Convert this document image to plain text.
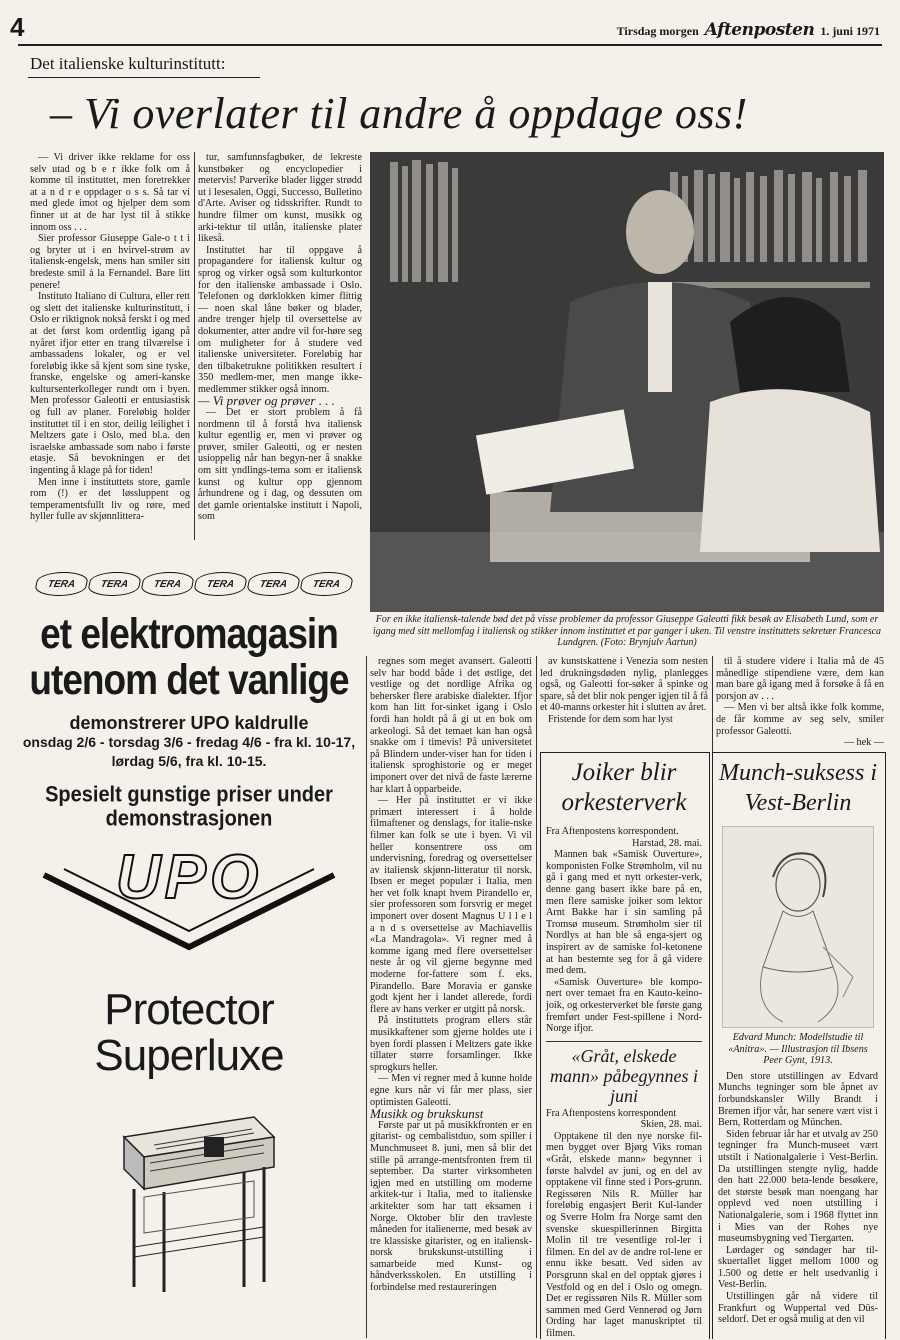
4	Tirsdag morgen Aftenposten 1. juni 1971
Det italienske kulturinstitutt:
– Vi overlater til andre å oppdage oss!

— Vi driver ikke reklame for oss selv utad og b e r ikke folk om å komme til instituttet, men foretrekker at a n d r e oppdager o s s. Så tar vi med glede imot og hjelper dem som finner ut at de har lyst til å stikke innom oss . . .

Sier professor Giuseppe Gale-o t t i og bryter ut i en hvirvel-strøm av italiensk-engelsk, mens han smiler sitt bredeste smil à la Fernandel. Bare litt penere!

Instituto Italiano di Cultura, eller rett og slett det italienske kulturinstitutt, i Oslo er riktignok nokså ferskt i og med at det først kom ordentlig igang på nyåret ifjor etter en trang tilværelse i ambassadens lokaler, og er vel foreløbig ikke så kjent som sine tyske, franske, engelske og ameri-kanske kultursenterkolleger rundt om i byen. Men professor Galeotti er entusiastisk og full av planer. Foreløbig holder instituttet til i en stor, deilig leilighet i Meltzers gate i Oslo, med bl.a. den israelske ambassade som nabo i første etasje. Så bevokningen er det ingenting å klage på for tiden!

Men inne i instituttets store, gamle rom (!) er det løssluppent og temperamentsfullt liv og røre, med hyller fulle av skjønnlittera-

tur, samfunnsfagbøker, de lekreste kunstbøker og encyclopedier i metervis! Parverike blader ligger strødd ut i lesesalen, Oggi, Successo, Bulletino d'Arte. Aviser og tidsskrifter. Rundt to hundre filmer om kunst, musikk og arki-tektur til utlån, italienske plater likeså.

Instituttet har til oppgave å propagandere for italiensk kultur og sprog og virker også som kulturkontor for den italienske ambassade i Oslo. Telefonen og dørklokken kimer flittig — noen skal låne bøker og blader, andre trenger hjelp til oversettelse av dokumenter, atter andre vil for-høre seg om muligheter for å studere ved italienske universiteter. Foreløbig har den tilbaketrukne politikken resultert i 350 medlem-mer, men mange ikke-medlemmer stikker også innom.

— Vi prøver og prøver . . .

— Det er stort problem å få nordmenn til å forstå hva italiensk kultur egentlig er, men vi prøver og prøver, smiler Galeotti, og er nesten usioppelig når han begyn-ner å snakke om sitt yndlings-tema som er italiensk kunst og kultur opp gjennom århundrene og i dag, og dessuten om det gamle orientalske institutt i Napoli, som

For en ikke italiensk-talende bød det på visse problemer da professor Giuseppe Galeotti fikk besøk av Elisabeth Lund, som er igang med sitt mellomfag i italiensk og stikker innom instituttet et par ganger i uken. Til venstre instituttets sekretær Francesca Lundgren. (Foto: Brynjulv Aartun)

regnes som meget avansert. Galeotti selv har bodd både i det østlige, det vestlige og det nordlige Afrika og behersker flere arabiske dialekter. Ifjor kom han litt for-sinket igang i Oslo fordi han holdt på å gi ut en bok om arkeologi. Så det temaet kan han også snakke om i timevis! På universitetet på Blindern under-viser han for tiden i italiensk sproghistorie og er meget imponert over det nivå de faste lærerne har klart å opparbeide.

— Her på instituttet er vi ikke primært interessert i å holde filmaftener og denslags, for italie-nske filmer kan folk se ute i byen. Vi vil heller konsentrere oss om undervisning, foredrag og oversettelser av italiensk skjønn-litteratur til norsk. Ibsen er meget populær i Italia, men her vet folk knapt hvem Pirandello er, sier professoren som forsvrig er meget imponert over dosent Magnus U l l e l a n d s oversettelse av Machiavellis «La Mandragola». Vi regner med å komme igang med flere oversettelser neste år og vil gjerne begynne med moderne for-fattere som f. eks. Pirandello. Bare Moravia er ganske godt kjent her i landet allerede, fordi flere av hans verker er utgitt på norsk.

På instituttets program ellers står musikkaftener som gjerne holdes ute i byen fordi plassen i Meltzers gate ikke tillater større forsamlinger. Ikke sprogkurs heller.

— Men vi regner med å kunne holde egne kurs når vi får mer plass, sier optimisten Galeotti.

Musikk og brukskunst

Første par ut på musikkfronten er en gitarist- og cembalistduo, som spiller i Munchmuseet 8. juni, men så blir det stille på arrange-mentsfronten frem til september. Da starter virksomheten igjen med en utstilling om moderne arkitek-tur i Italia, med to italienske arkitekter som har tatt eksamen i Norge. Oktober blir den travleste måneden for italienerne, med besøk av tre klassiske gitarister, og en italiensk-norsk brukskunst-utstilling i samarbeide med Kunst- og håndverksskolen. En utstilling i forbindelse med restaureringen

av kunstskattene i Venezia som nesten led drukningsdøden nylig, planlegges også, og Galeotti for-søker å spinke og spare, så det blir nok penger igjen til å få et 40-manns orkester hit i slutten av året.

Fristende for dem som har lyst

til å studere videre i Italia må de 45 månedlige stipendiene være, dem kan man bare gå igang med å forsøke å få en porsjon av . . .

— Men vi ber altså ikke folk komme, de får komme av seg selv, smiler professor Galeotti.

— hek —
Joiker blir orkesterverk

Fra Aftenpostens korrespondent.

Harstad, 28. mai.

Mannen bak «Samisk Ouverture», komponisten Folke Strømholm, vil nu gå i gang med et nytt orkester-verk, denne gang basert ikke bare på en, men flere samiske joiker som lektor Arnt Bakke har i sin samling på Tromsø museum. Strømholm sier til Nordlys at han ble så enga-sjert og inspirert av de samiske fol-ketonene at han bestemte seg for å gå videre med dem.

«Samisk Ouverture» ble kompo-nert over temaet fra en Kauto-keino-joik, og orkesterverket ble første gang fremført under Fest-spillene i Nord-Norge ifjor.

«Gråt, elskede mann» påbegynnes i juni

Fra Aftenpostens korrespondent

Skien, 28. mai.

Opptakene til den nye norske fil-men bygget over Bjørg Viks roman «Gråt, elskede mann» begynner i første halvdel av juni, og en del av opptakene vil finne sted i Pors-grunn. Regissøren Nils R. Müller har foreløbig engasjert Berit Kul-lander og Sverre Holm fra Norge samt den svenske skuespillerinnen Birgitta Molin til tre vesentlige rol-ler i filmen. En del av de andre rol-lene er ennu ikke besatt. Ved siden av Porsgrunn skal en del opptak gjøres i Vestfold og en del i Oslo og omegn. Det er regissøren Nils R. Müller som sammen med Gerd Vennerød og Jørn Ording har laget manuskriptet til filmen.

Munch-suksess i Vest-Berlin
Edvard Munch: Modellstudie til «Anitra». — Illustrasjon til Ibsens Peer Gynt, 1913.

Den store utstillingen av Edvard Munchs tegninger som ble åpnet av forbundskansler Willy Brandt i Bremen ifjor vår, har senere vært vist i Bern, Rotterdam og München.

Siden februar iår har et utvalg av 250 tegninger fra Munch-museet vært utstilt i Nationalgalerie i Vest-Berlin. Da utstillingen stengte nylig, hadde den hatt 22.000 beta-lende besøkere, det største besøk man noengang har opplevd ved noen utstilling i Nationalgalerie, som i 1968 flyttet inn i Mies van der Rohes nye museumsbygning ved Tiergarten.

Lørdager og søndager har til-skuertallet ligget mellom 1000 og 1.500 og dette er helt usedvanlig i Vest-Berlin.

Utstillingen går nå videre til Frankfurt og Wuppertal ved Düs-seldorf. Det er også mulig at den vil

TERA	TERA	TERA	TERA	TERA	TERA
et elektromagasin
utenom det vanlige
demonstrerer UPO kaldrulle
onsdag 2/6 - torsdag 3/6 - fredag 4/6 - fra kl. 10-17,
lørdag 5/6, fra kl. 10-15.
Spesielt gunstige priser under
demonstrasjonen
UPO
Protector
Superluxe
